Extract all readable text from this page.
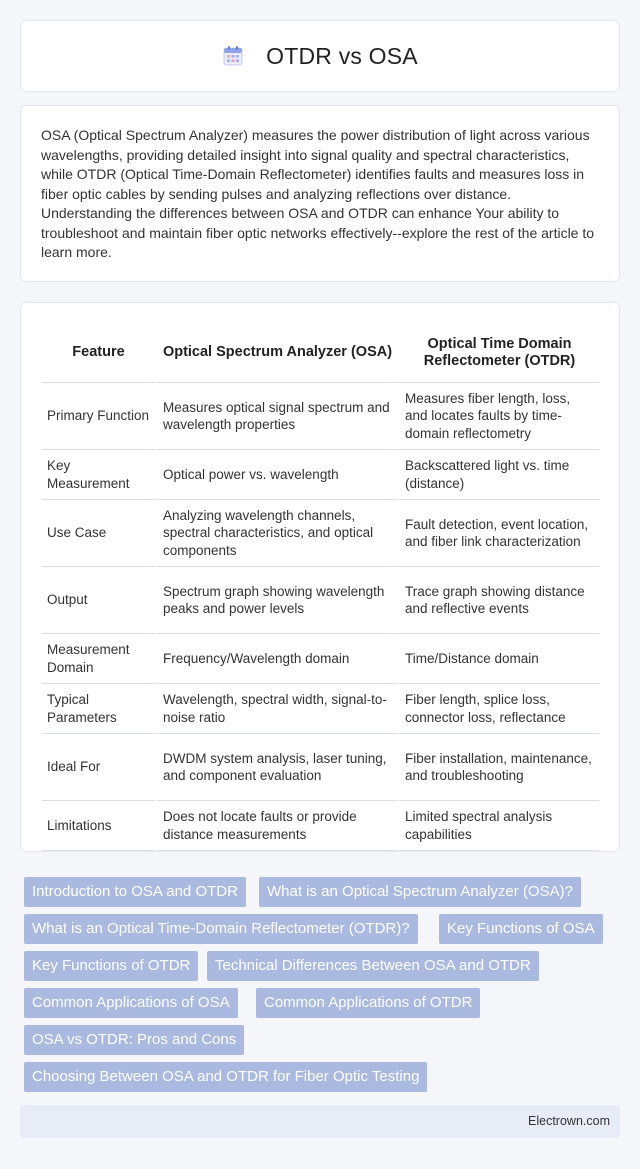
OTDR vs OSA

OSA (Optical Spectrum Analyzer) measures the power distribution of light across various wavelengths, providing detailed insight into signal quality and spectral characteristics, while OTDR (Optical Time-Domain Reflectometer) identifies faults and measures loss in fiber optic cables by sending pulses and analyzing reflections over distance. Understanding the differences between OSA and OTDR can enhance Your ability to troubleshoot and maintain fiber optic networks effectively--explore the rest of the article to learn more.

Feature	Optical Spectrum Analyzer (OSA)	Optical Time Domain Reflectometer (OTDR)
Primary Function	Measures optical signal spectrum and wavelength properties	Measures fiber length, loss, and locates faults by time-domain reflectometry
Key Measurement	Optical power vs. wavelength	Backscattered light vs. time (distance)
Use Case	Analyzing wavelength channels, spectral characteristics, and optical components	Fault detection, event location, and fiber link characterization
Output	Spectrum graph showing wavelength peaks and power levels	Trace graph showing distance and reflective events
Measurement Domain	Frequency/Wavelength domain	Time/Distance domain
Typical Parameters	Wavelength, spectral width, signal-to-noise ratio	Fiber length, splice loss, connector loss, reflectance
Ideal For	DWDM system analysis, laser tuning, and component evaluation	Fiber installation, maintenance, and troubleshooting
Limitations	Does not locate faults or provide distance measurements	Limited spectral analysis capabilities
Introduction to OSA and OTDR	What is an Optical Spectrum Analyzer (OSA)?
What is an Optical Time-Domain Reflectometer (OTDR)?	Key Functions of OSA
Key Functions of OTDR	Technical Differences Between OSA and OTDR
Common Applications of OSA	Common Applications of OTDR
OSA vs OTDR: Pros and Cons
Choosing Between OSA and OTDR for Fiber Optic Testing
Electrown.com
